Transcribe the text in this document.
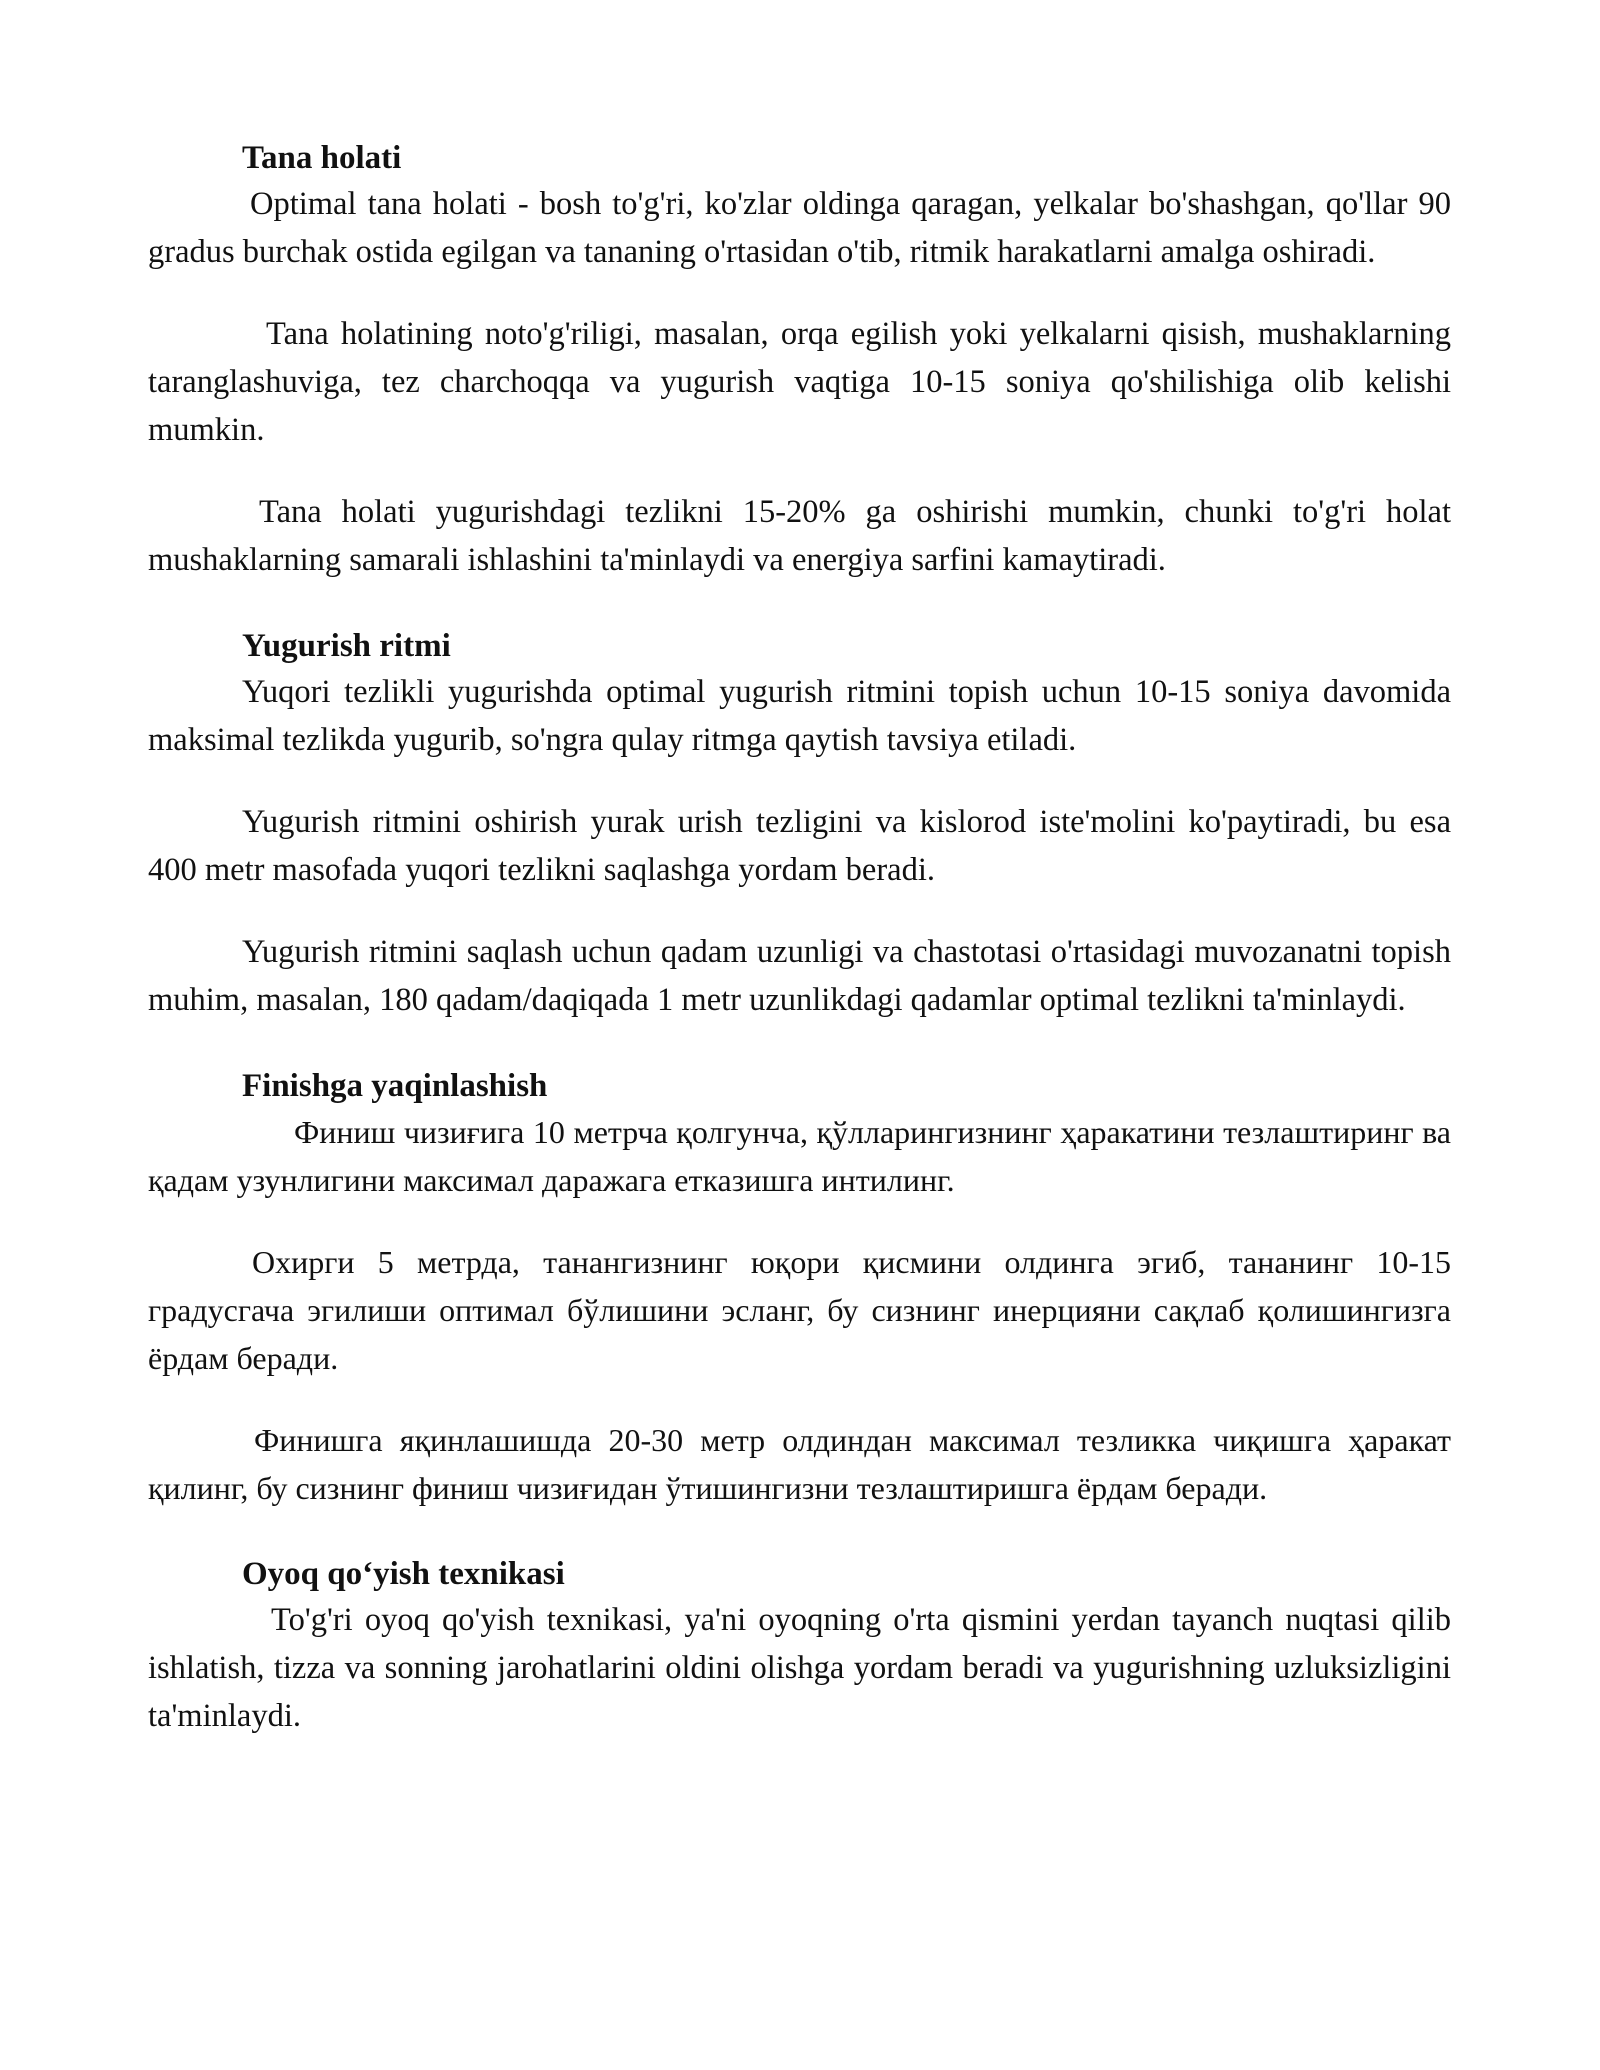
Tana holati

Optimal tana holati - bosh to'g'ri, ko'zlar oldinga qaragan, yelkalar bo'shashgan, qo'llar 90 gradus burchak ostida egilgan va tananing o'rtasidan o'tib, ritmik harakatlarni amalga oshiradi.

Tana holatining noto'g'riligi, masalan, orqa egilish yoki yelkalarni qisish, mushaklarning taranglashuviga, tez charchoqqa va yugurish vaqtiga 10-15 soniya qo'shilishiga olib kelishi mumkin.

Tana holati yugurishdagi tezlikni 15-20% ga oshirishi mumkin, chunki to'g'ri holat mushaklarning samarali ishlashini ta'minlaydi va energiya sarfini kamaytiradi.

Yugurish ritmi

Yuqori tezlikli yugurishda optimal yugurish ritmini topish uchun 10-15 soniya davomida maksimal tezlikda yugurib, so'ngra qulay ritmga qaytish tavsiya etiladi.

Yugurish ritmini oshirish yurak urish tezligini va kislorod iste'molini ko'paytiradi, bu esa 400 metr masofada yuqori tezlikni saqlashga yordam beradi.

Yugurish ritmini saqlash uchun qadam uzunligi va chastotasi o'rtasidagi muvozanatni topish muhim, masalan, 180 qadam/daqiqada 1 metr uzunlikdagi qadamlar optimal tezlikni ta'minlaydi.

Finishga yaqinlashish

Финиш чизиғига 10 метрча қолгунча, қўлларингизнинг ҳаракатини тезлаштиринг ва қадам узунлигини максимал даражага етказишга интилинг.

Охирги 5 метрда, танангизнинг юқори қисмини олдинга эгиб, тананинг 10-15 градусгача эгилиши оптимал бўлишини эсланг, бу сизнинг инерцияни сақлаб қолишингизга ёрдам беради.

Финишга яқинлашишда 20-30 метр олдиндан максимал тезликка чиқишга ҳаракат қилинг, бу сизнинг финиш чизиғидан ўтишингизни тезлаштиришга ёрдам беради.

Oyoq qoʻyish texnikasi

To'g'ri oyoq qo'yish texnikasi, ya'ni oyoqning o'rta qismini yerdan tayanch nuqtasi qilib ishlatish, tizza va sonning jarohatlarini oldini olishga yordam beradi va yugurishning uzluksizligini ta'minlaydi.
